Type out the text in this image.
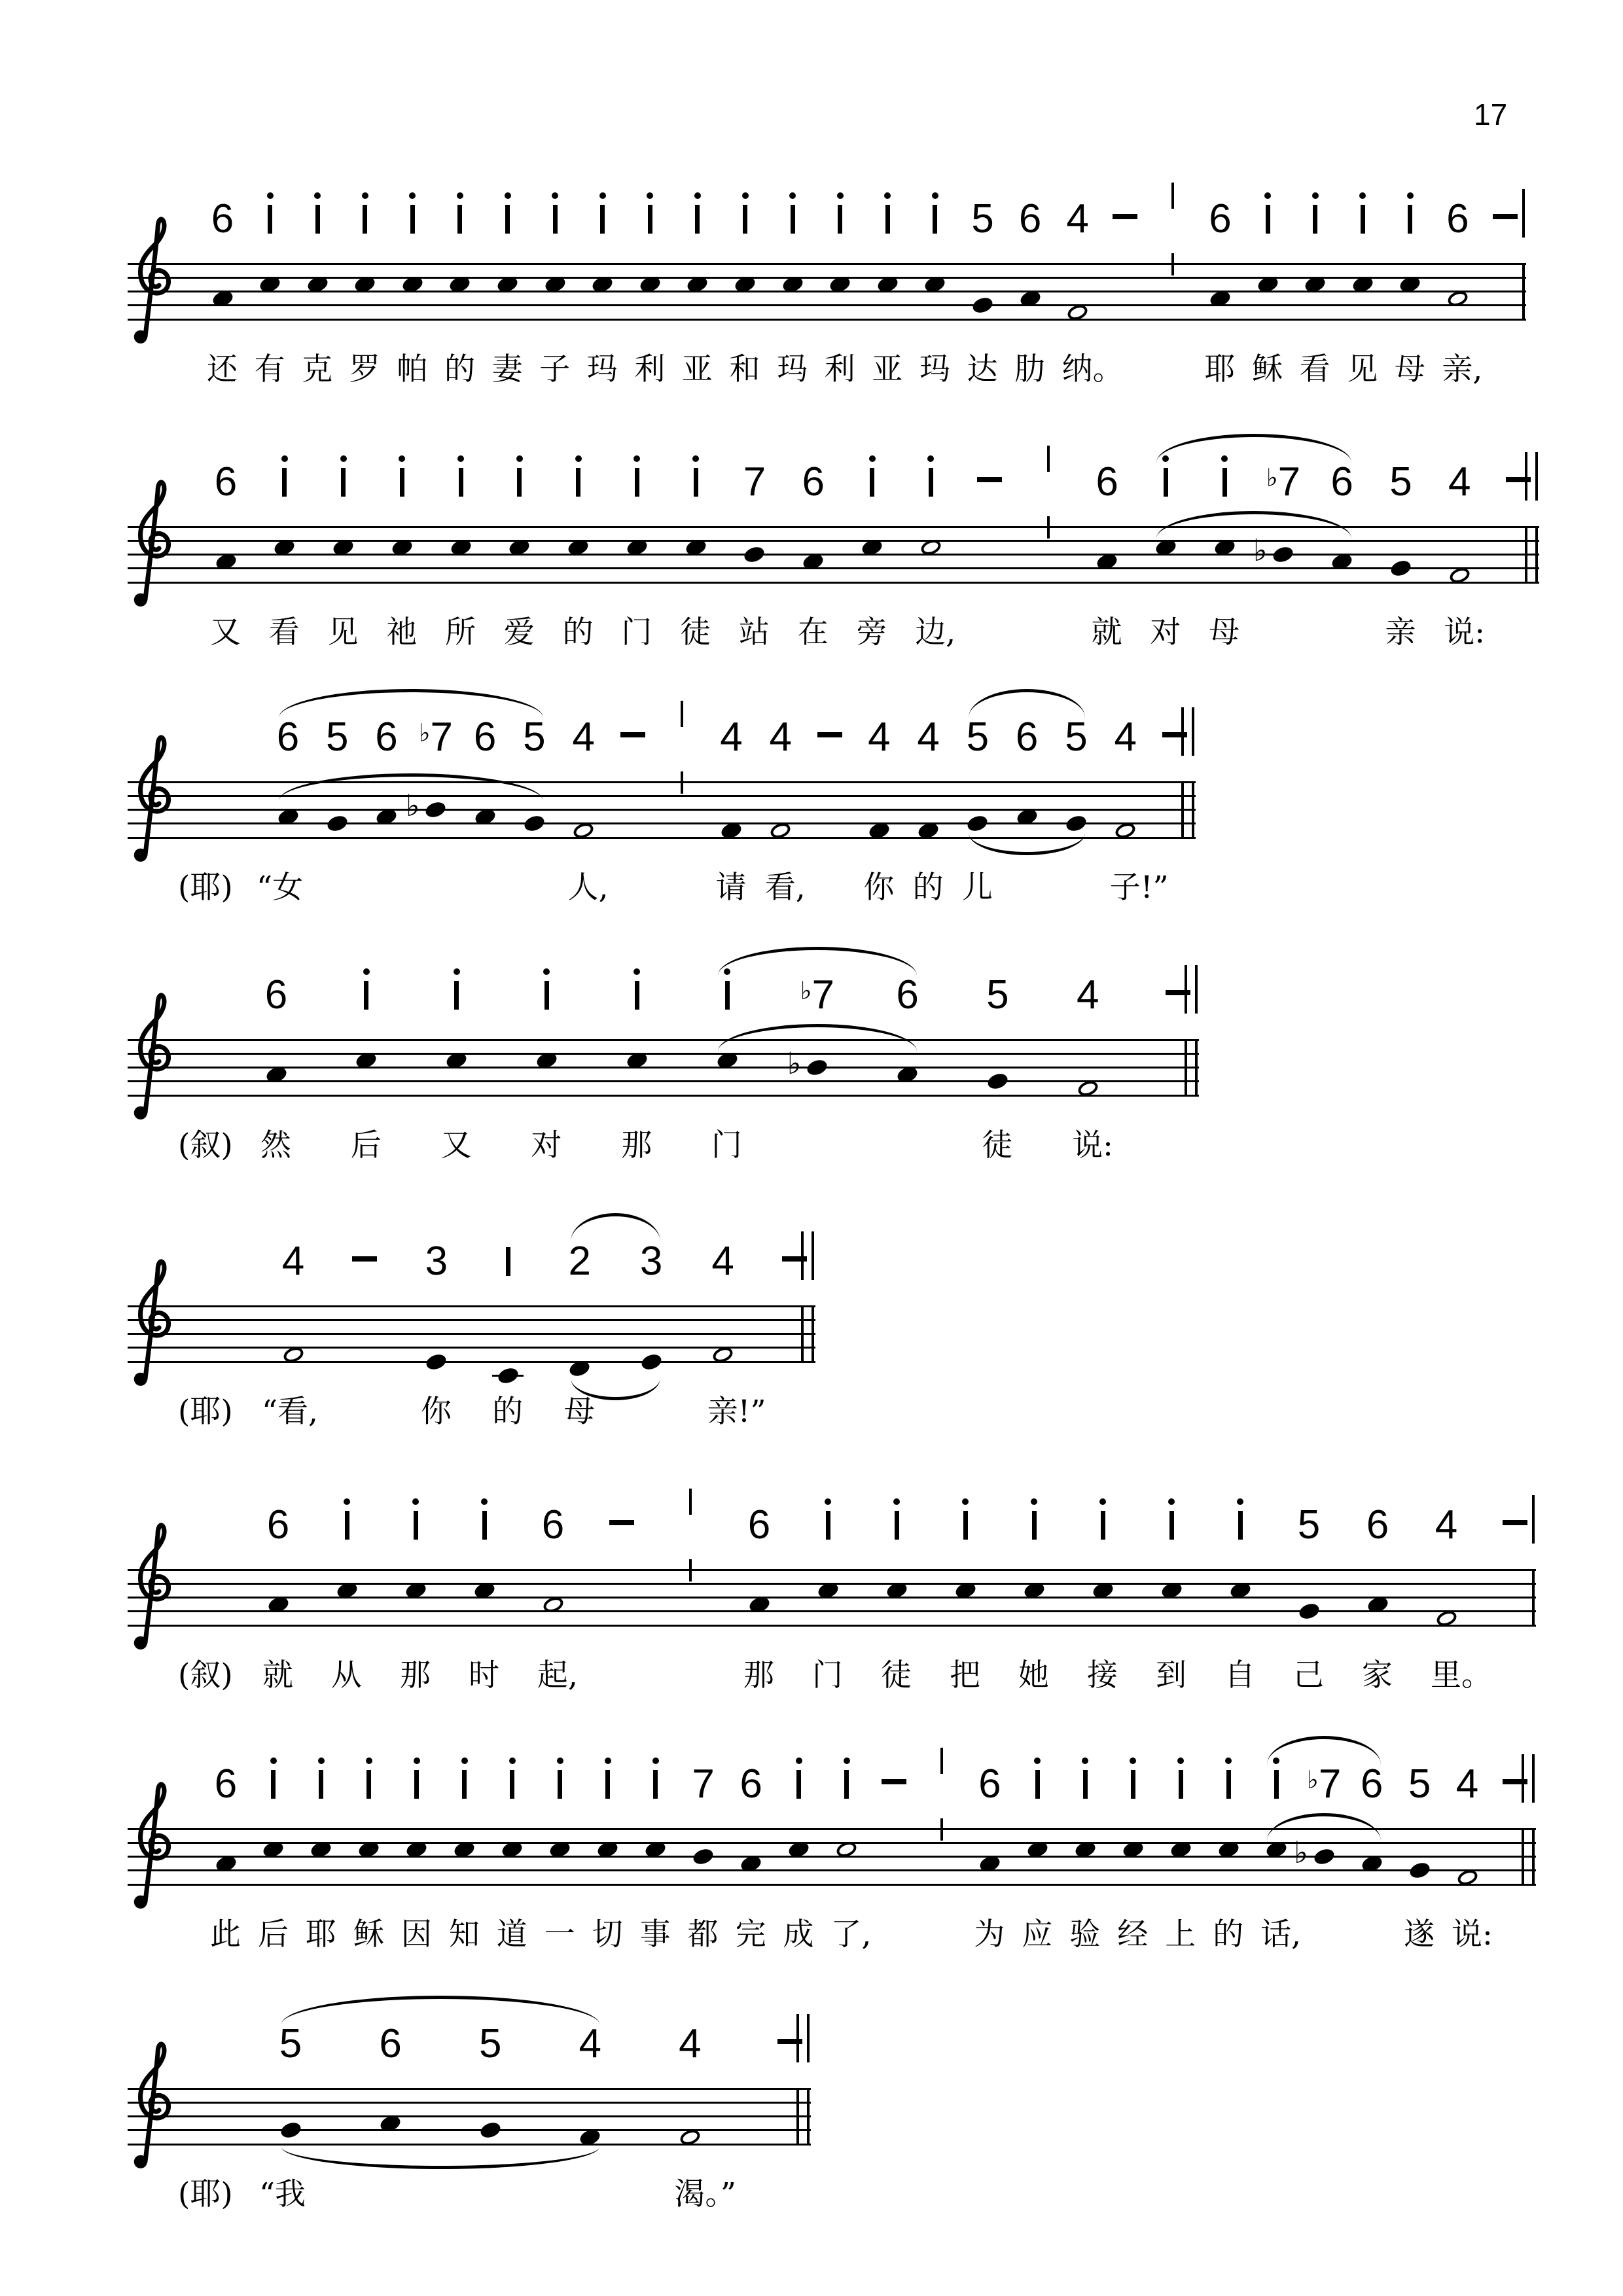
17
6	5 6 4	6	6
还 有 克 罗 帕 的 妻 子 玛 利 亚 和 玛 利 亚 玛 达 肋 纳。	耶 稣 看 见 母 亲,
6	7 6	6	♭7
♭
6 5 4
又 看 见 祂 所 爱 的 门 徒 站 在 旁 边,	就 对 母	亲 说:
6 5 6 ♭7
♭
6 5 4	4 4	4 4 5 6 5 4
(耶) “女	人,	请 看, 你 的 儿	子!”
6	♭7
♭
6	5	4
(叙) 然 后 又 对 那 门	徒 说:
4	3	2	3	4
(耶) “看,	你 的 母	亲!”
6	6	6	5	6	4
(叙) 就 从 那 时 起,	那 门 徒 把 她 接 到 自 己 家 里。
6	7 6	6	♭7
♭
6 5 4
此 后 耶 稣 因 知 道 一 切 事 都 完 成 了,	为 应 验 经 上 的 话,	遂 说:
5	6	5	4	4
(耶) “我	渴。”
